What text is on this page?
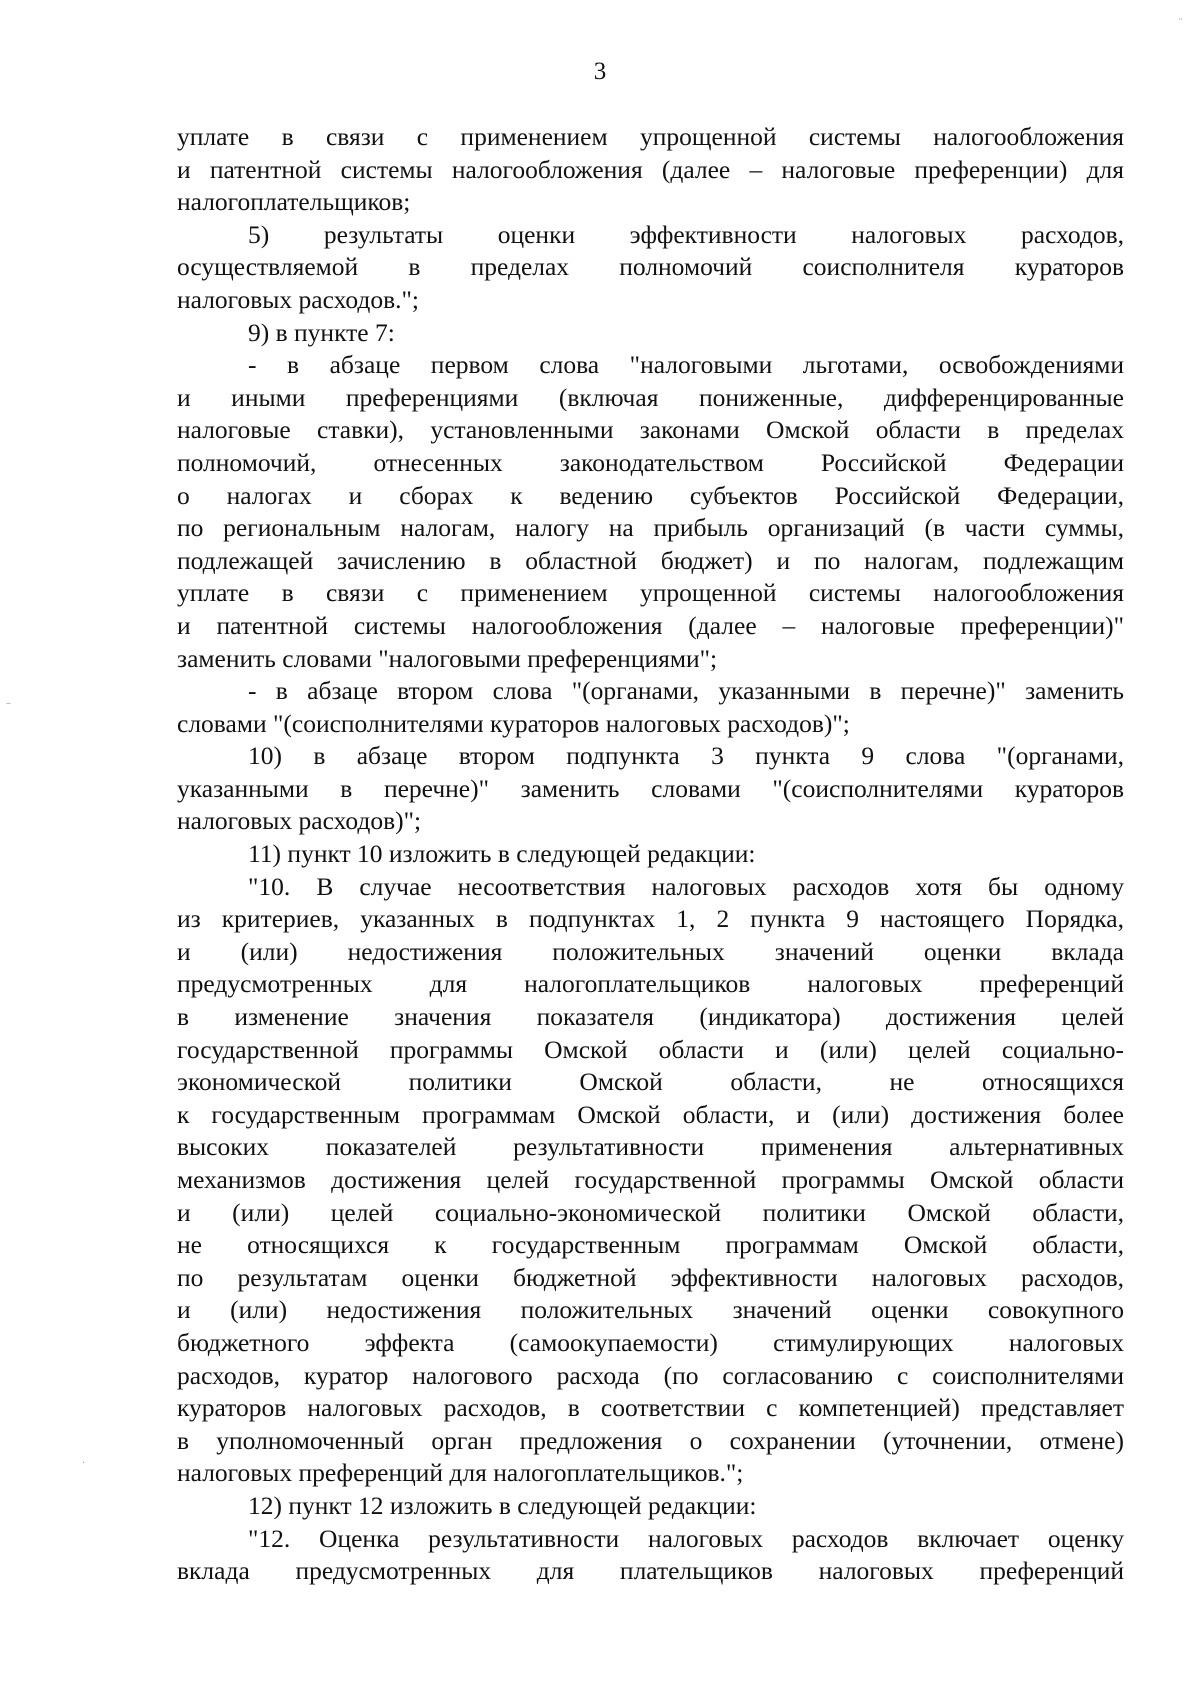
3
уплате в связи с применением упрощенной системы налогообложения
и патентной системы налогообложения (далее – налоговые преференции) для
налогоплательщиков;
5) результаты оценки эффективности налоговых расходов,
осуществляемой в пределах полномочий соисполнителя кураторов
налоговых расходов.";
9) в пункте 7:
- в абзаце первом слова "налоговыми льготами, освобождениями
и иными преференциями (включая пониженные, дифференцированные
налоговые ставки), установленными законами Омской области в пределах
полномочий, отнесенных законодательством Российской Федерации
о налогах и сборах к ведению субъектов Российской Федерации,
по региональным налогам, налогу на прибыль организаций (в части суммы,
подлежащей зачислению в областной бюджет) и по налогам, подлежащим
уплате в связи с применением упрощенной системы налогообложения
и патентной системы налогообложения (далее – налоговые преференции)"
заменить словами "налоговыми преференциями";
- в абзаце втором слова "(органами, указанными в перечне)" заменить
словами "(соисполнителями кураторов налоговых расходов)";
10) в абзаце втором подпункта 3 пункта 9 слова "(органами,
указанными в перечне)" заменить словами "(соисполнителями кураторов
налоговых расходов)";
11) пункт 10 изложить в следующей редакции:
"10. В случае несоответствия налоговых расходов хотя бы одному
из критериев, указанных в подпунктах 1, 2 пункта 9 настоящего Порядка,
и (или) недостижения положительных значений оценки вклада
предусмотренных для налогоплательщиков налоговых преференций
в изменение значения показателя (индикатора) достижения целей
государственной программы Омской области и (или) целей социально-
экономической политики Омской области, не относящихся
к государственным программам Омской области, и (или) достижения более
высоких показателей результативности применения альтернативных
механизмов достижения целей государственной программы Омской области
и (или) целей социально-экономической политики Омской области,
не относящихся к государственным программам Омской области,
по результатам оценки бюджетной эффективности налоговых расходов,
и (или) недостижения положительных значений оценки совокупного
бюджетного эффекта (самоокупаемости) стимулирующих налоговых
расходов, куратор налогового расхода (по согласованию с соисполнителями
кураторов налоговых расходов, в соответствии с компетенцией) представляет
в уполномоченный орган предложения о сохранении (уточнении, отмене)
налоговых преференций для налогоплательщиков.";
12) пункт 12 изложить в следующей редакции:
"12. Оценка результативности налоговых расходов включает оценку
вклада предусмотренных для плательщиков налоговых преференций
¨
–
·
